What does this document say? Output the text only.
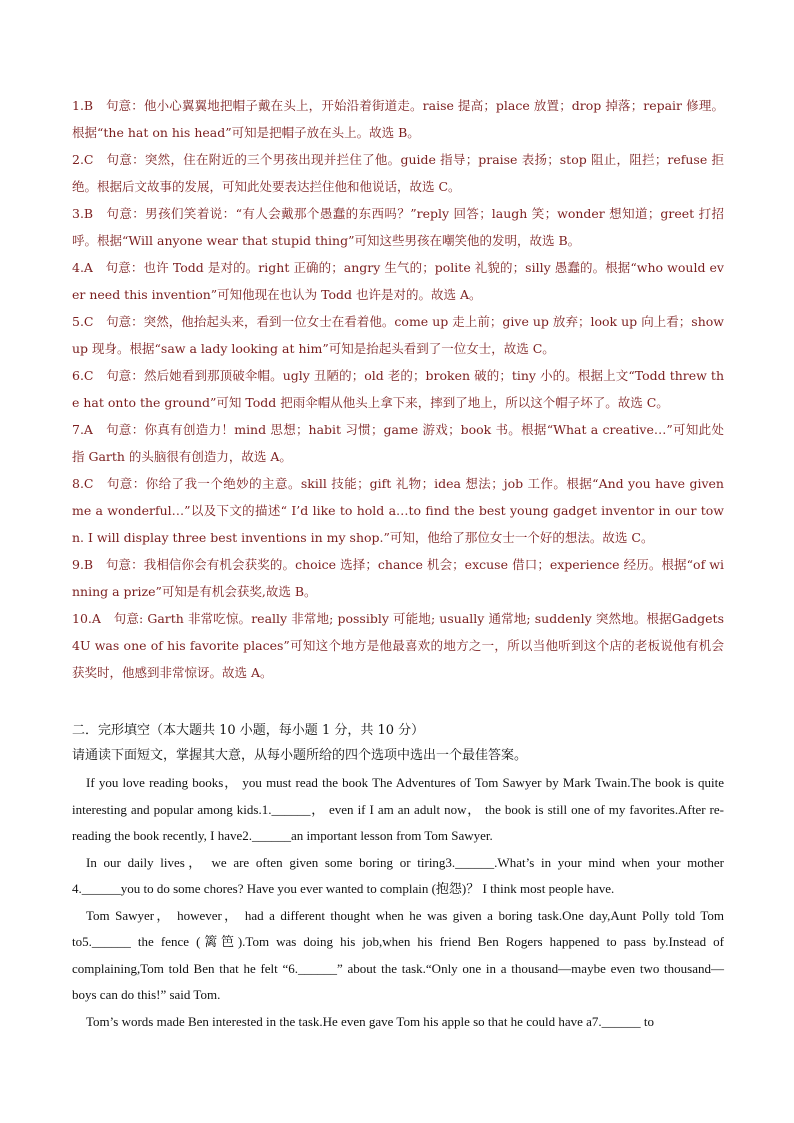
1.B　句意：他小心翼翼地把帽子戴在头上，开始沿着街道走。raise 提高；place 放置；drop 掉落；repair 修理。根据“the hat on his head”可知是把帽子放在头上。故选 B。

2.C　句意：突然，住在附近的三个男孩出现并拦住了他。guide 指导；praise 表扬；stop 阻止，阻拦；refuse 拒绝。根据后文故事的发展，可知此处要表达拦住他和他说话，故选 C。

3.B　句意：男孩们笑着说：“有人会戴那个愚蠢的东西吗？”reply 回答；laugh 笑；wonder 想知道；greet 打招呼。根据“Will anyone wear that stupid thing”可知这些男孩在嘲笑他的发明，故选 B。

4.A　句意：也许 Todd 是对的。right 正确的；angry 生气的；polite 礼貌的；silly 愚蠢的。根据“who would ever need this invention”可知他现在也认为 Todd 也许是对的。故选 A。

5.C　句意：突然，他抬起头来，看到一位女士在看着他。come up 走上前；give up 放弃；look up 向上看；show up 现身。根据“saw a lady looking at him”可知是抬起头看到了一位女士，故选 C。

6.C　句意：然后她看到那顶破伞帽。ugly 丑陋的；old 老的；broken 破的；tiny 小的。根据上文“Todd threw the hat onto the ground”可知 Todd 把雨伞帽从他头上拿下来，摔到了地上，所以这个帽子坏了。故选 C。

7.A　句意：你真有创造力！mind 思想；habit 习惯；game 游戏；book 书。根据“What a creative…”可知此处指 Garth 的头脑很有创造力，故选 A。

8.C　句意：你给了我一个绝妙的主意。skill 技能；gift 礼物；idea 想法；job 工作。根据“And you have given me a wonderful…”以及下文的描述“ I’d like to hold a…to find the best young gadget inventor in our town. I will display three best inventions in my shop.”可知，他给了那位女士一个好的想法。故选 C。

9.B　句意：我相信你会有机会获奖的。choice 选择；chance 机会；excuse 借口；experience 经历。根据“of winning a prize”可知是有机会获奖,故选 B。

10.A　句意: Garth 非常吃惊。really 非常地; possibly 可能地; usually 通常地; suddenly 突然地。根据Gadgets4U was one of his favorite places”可知这个地方是他最喜欢的地方之一，所以当他听到这个店的老板说他有机会获奖时，他感到非常惊讶。故选 A。

二．完形填空（本大题共 10 小题，每小题 1 分，共 10 分）

请通读下面短文，掌握其大意，从每小题所给的四个选项中选出一个最佳答案。

If you love reading books， you must read the book The Adventures of Tom Sawyer by Mark Twain.The book is quite interesting and popular among kids.1.______， even if I am an adult now， the book is still one of my favorites.After re-reading the book recently, I have2.______an important lesson from Tom Sawyer.

In our daily lives， we are often given some boring or tiring3.______.What’s in your mind when your mother 4.______you to do some chores? Have you ever wanted to complain (抱怨)？ I think most people have.

Tom Sawyer， however， had a different thought when he was given a boring task.One day,Aunt Polly told Tom to5.______ the fence (篱笆).Tom was doing his job,when his friend Ben Rogers happened to pass by.Instead of complaining,Tom told Ben that he felt “6.______” about the task.“Only one in a thousand—maybe even two thousand—boys can do this!” said Tom.

Tom’s words made Ben interested in the task.He even gave Tom his apple so that he could have a7.______ to
